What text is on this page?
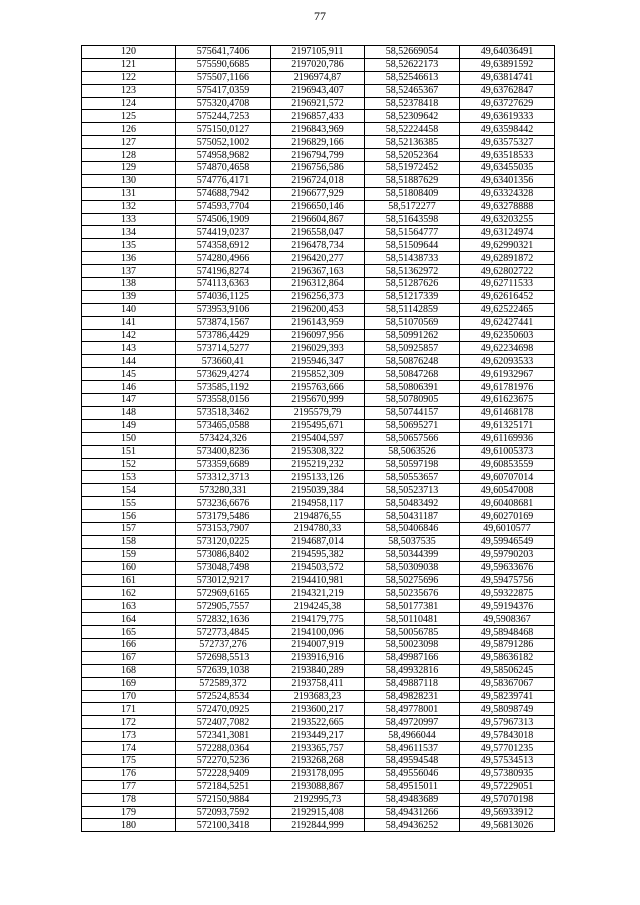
77
120	575641,7406	2197105,911	58,52669054	49,64036491
121	575590,6685	2197020,786	58,52622173	49,63891592
122	575507,1166	2196974,87	58,52546613	49,63814741
123	575417,0359	2196943,407	58,52465367	49,63762847
124	575320,4708	2196921,572	58,52378418	49,63727629
125	575244,7253	2196857,433	58,52309642	49,63619333
126	575150,0127	2196843,969	58,52224458	49,63598442
127	575052,1002	2196829,166	58,52136385	49,63575327
128	574958,9682	2196794,799	58,52052364	49,63518533
129	574870,4658	2196756,586	58,51972452	49,63455035
130	574776,4171	2196724,018	58,51887629	49,63401356
131	574688,7942	2196677,929	58,51808409	49,63324328
132	574593,7704	2196650,146	58,5172277	49,63278888
133	574506,1909	2196604,867	58,51643598	49,63203255
134	574419,0237	2196558,047	58,51564777	49,63124974
135	574358,6912	2196478,734	58,51509644	49,62990321
136	574280,4966	2196420,277	58,51438733	49,62891872
137	574196,8274	2196367,163	58,51362972	49,62802722
138	574113,6363	2196312,864	58,51287626	49,62711533
139	574036,1125	2196256,373	58,51217339	49,62616452
140	573953,9106	2196200,453	58,51142859	49,62522465
141	573874,1567	2196143,959	58,51070569	49,62427441
142	573786,4429	2196097,956	58,50991262	49,62350603
143	573714,5277	2196029,393	58,50925857	49,62234698
144	573660,41	2195946,347	58,50876248	49,62093533
145	573629,4274	2195852,309	58,50847268	49,61932967
146	573585,1192	2195763,666	58,50806391	49,61781976
147	573558,0156	2195670,999	58,50780905	49,61623675
148	573518,3462	2195579,79	58,50744157	49,61468178
149	573465,0588	2195495,671	58,50695271	49,61325171
150	573424,326	2195404,597	58,50657566	49,61169936
151	573400,8236	2195308,322	58,5063526	49,61005373
152	573359,6689	2195219,232	58,50597198	49,60853559
153	573312,3713	2195133,126	58,50553657	49,60707014
154	573280,331	2195039,384	58,50523713	49,60547008
155	573236,6676	2194958,117	58,50483492	49,60408681
156	573179,5486	2194876,55	58,50431187	49,60270169
157	573153,7907	2194780,33	58,50406846	49,6010577
158	573120,0225	2194687,014	58,5037535	49,59946549
159	573086,8402	2194595,382	58,50344399	49,59790203
160	573048,7498	2194503,572	58,50309038	49,59633676
161	573012,9217	2194410,981	58,50275696	49,59475756
162	572969,6165	2194321,219	58,50235676	49,59322875
163	572905,7557	2194245,38	58,50177381	49,59194376
164	572832,1636	2194179,775	58,50110481	49,5908367
165	572773,4845	2194100,096	58,50056785	49,58948468
166	572737,276	2194007,919	58,50023098	49,58791286
167	572698,5513	2193916,916	58,49987166	49,58636182
168	572639,1038	2193840,289	58,49932816	49,58506245
169	572589,372	2193758,411	58,49887118	49,58367067
170	572524,8534	2193683,23	58,49828231	49,58239741
171	572470,0925	2193600,217	58,49778001	49,58098749
172	572407,7082	2193522,665	58,49720997	49,57967313
173	572341,3081	2193449,217	58,4966044	49,57843018
174	572288,0364	2193365,757	58,49611537	49,57701235
175	572270,5236	2193268,268	58,49594548	49,57534513
176	572228,9409	2193178,095	58,49556046	49,57380935
177	572184,5251	2193088,867	58,49515011	49,57229051
178	572150,9884	2192995,73	58,49483689	49,57070198
179	572093,7592	2192915,408	58,49431266	49,56933912
180	572100,3418	2192844,999	58,49436252	49,56813026
